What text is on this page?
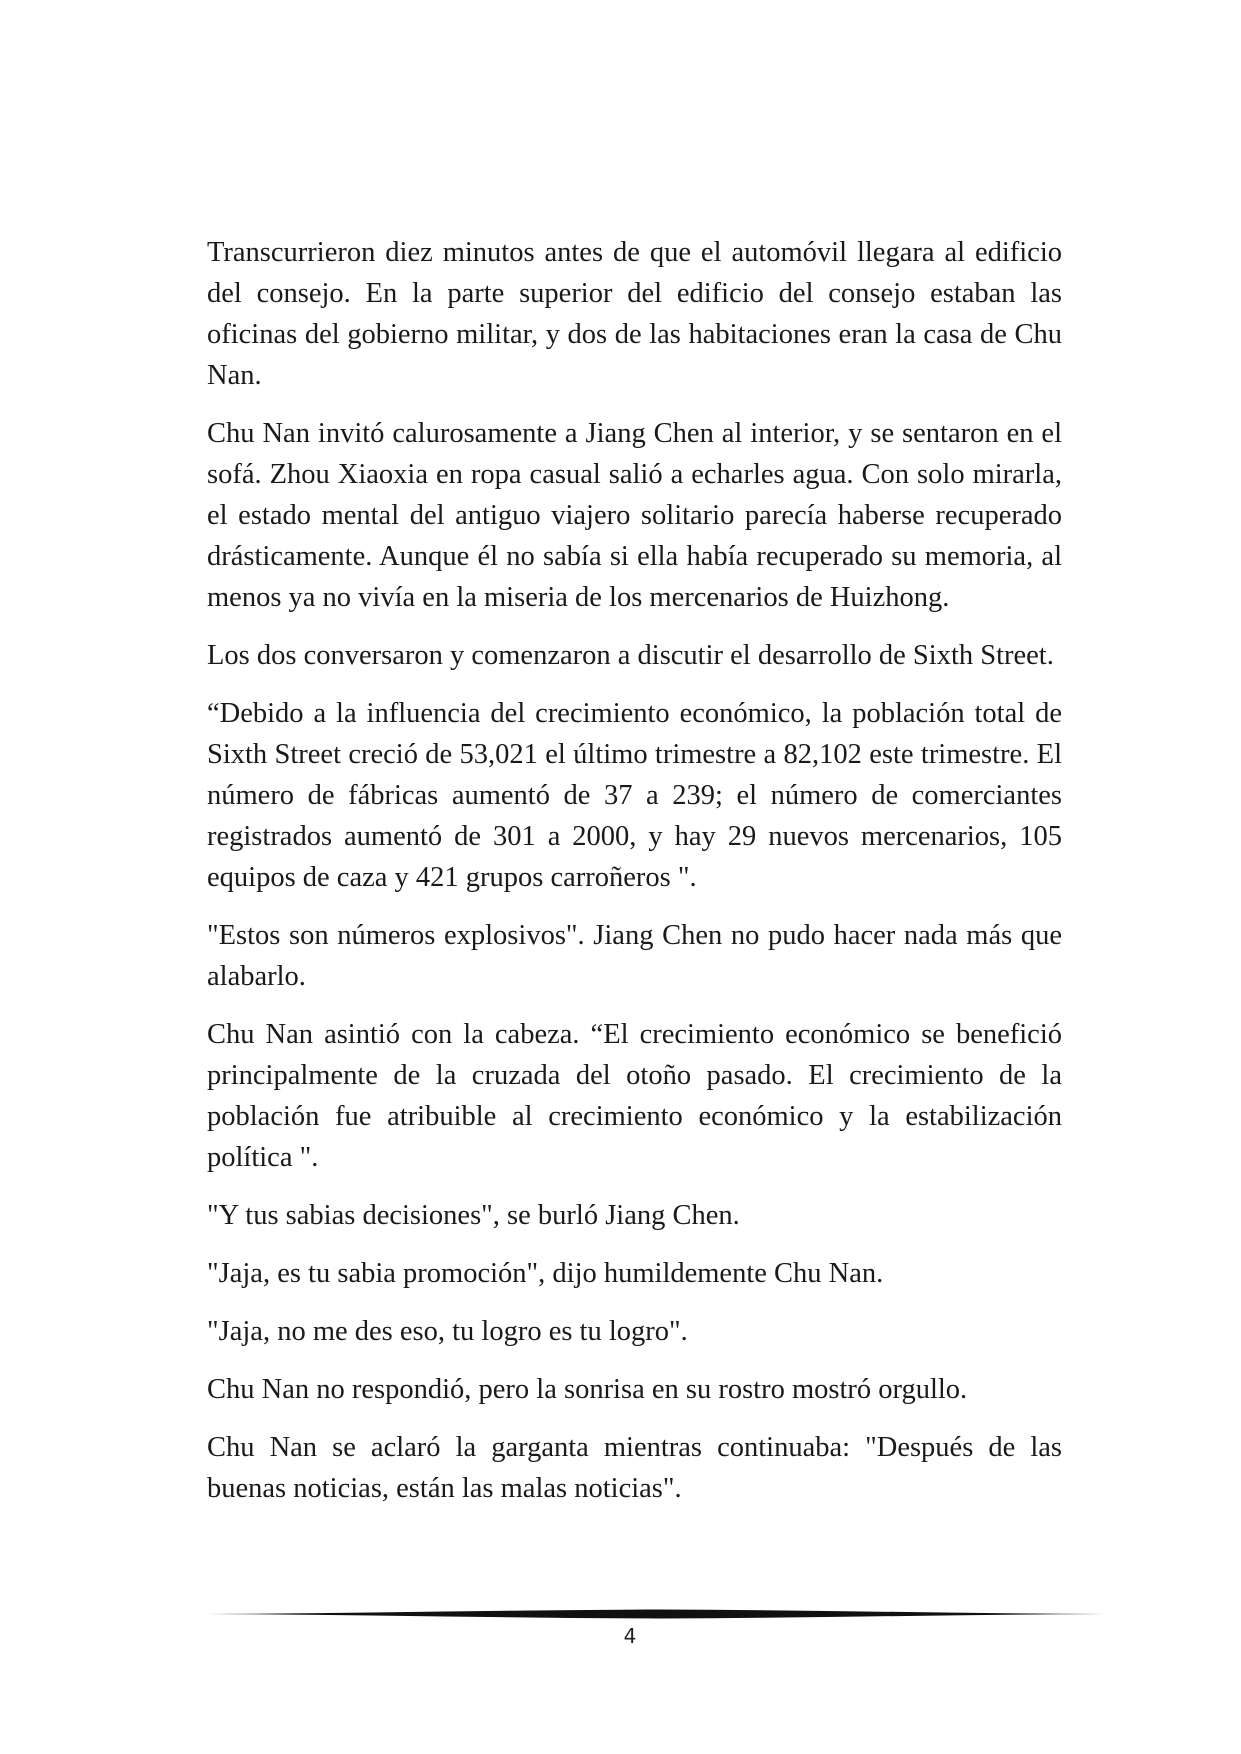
Transcurrieron diez minutos antes de que el automóvil llegara al edificio del consejo. En la parte superior del edificio del consejo estaban las oficinas del gobierno militar, y dos de las habitaciones eran la casa de Chu Nan.

Chu Nan invitó calurosamente a Jiang Chen al interior, y se sentaron en el sofá. Zhou Xiaoxia en ropa casual salió a echarles agua. Con solo mirarla, el estado mental del antiguo viajero solitario parecía haberse recuperado drásticamente. Aunque él no sabía si ella había recuperado su memoria, al menos ya no vivía en la miseria de los mercenarios de Huizhong.

Los dos conversaron y comenzaron a discutir el desarrollo de Sixth Street.

“Debido a la influencia del crecimiento económico, la población total de Sixth Street creció de 53,021 el último trimestre a 82,102 este trimestre. El número de fábricas aumentó de 37 a 239; el número de comerciantes registrados aumentó de 301 a 2000, y hay 29 nuevos mercenarios, 105 equipos de caza y 421 grupos carroñeros ".

"Estos son números explosivos". Jiang Chen no pudo hacer nada más que alabarlo.

Chu Nan asintió con la cabeza. “El crecimiento económico se benefició principalmente de la cruzada del otoño pasado. El crecimiento de la población fue atribuible al crecimiento económico y la estabilización política ".

"Y tus sabias decisiones", se burló Jiang Chen.

"Jaja, es tu sabia promoción", dijo humildemente Chu Nan.

"Jaja, no me des eso, tu logro es tu logro".

Chu Nan no respondió, pero la sonrisa en su rostro mostró orgullo.

Chu Nan se aclaró la garganta mientras continuaba: "Después de las buenas noticias, están las malas noticias".

4
